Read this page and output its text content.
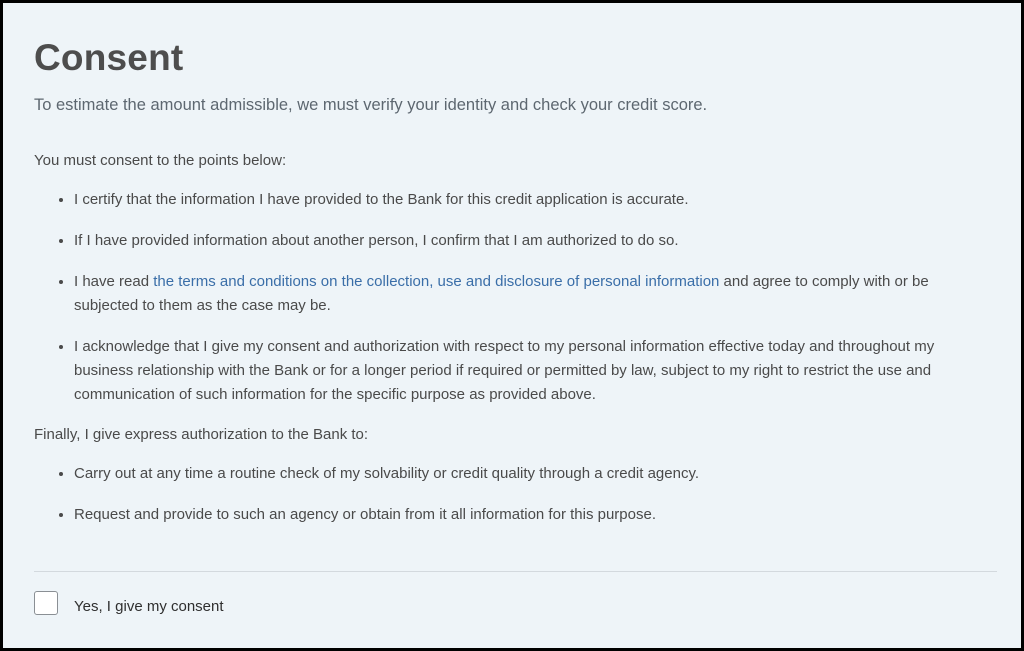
Consent

To estimate the amount admissible, we must verify your identity and check your credit score.

You must consent to the points below:

• I certify that the information I have provided to the Bank for this credit application is accurate.
• If I have provided information about another person, I confirm that I am authorized to do so.
• I have read the terms and conditions on the collection, use and disclosure of personal information and agree to comply with or be subjected to them as the case may be.
• I acknowledge that I give my consent and authorization with respect to my personal information effective today and throughout my business relationship with the Bank or for a longer period if required or permitted by law, subject to my right to restrict the use and communication of such information for the specific purpose as provided above.

Finally, I give express authorization to the Bank to:

• Carry out at any time a routine check of my solvability or credit quality through a credit agency.
• Request and provide to such an agency or obtain from it all information for this purpose.
Yes, I give my consent
